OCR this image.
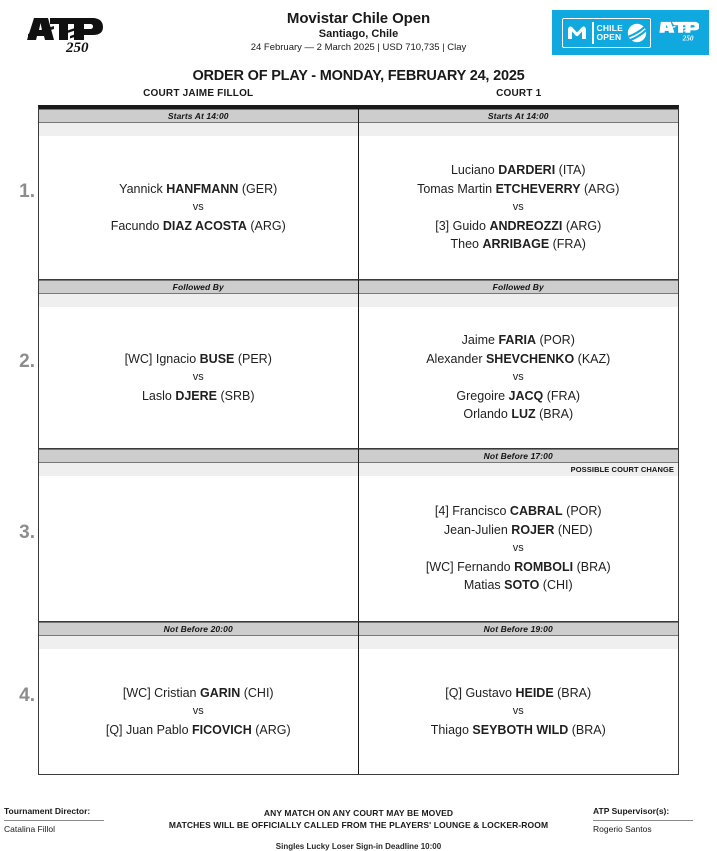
250
Movistar Chile Open
Santiago, Chile
24 February — 2 March 2025 | USD 710,735 | Clay
CHILE
OPEN	250
ORDER OF PLAY - MONDAY, FEBRUARY 24, 2025
COURT JAIME FILLOL	COURT 1
1.
Starts At 14:00

Yannick HANFMANN (GER)
vs
Facundo DIAZ ACOSTA (ARG)
Starts At 14:00

Luciano DARDERI (ITA)
Tomas Martin ETCHEVERRY (ARG)
vs
[3] Guido ANDREOZZI (ARG)
Theo ARRIBAGE (FRA)
2.
Followed By

[WC] Ignacio BUSE (PER)
vs
Laslo DJERE (SRB)
Followed By

Jaime FARIA (POR)
Alexander SHEVCHENKO (KAZ)
vs
Gregoire JACQ (FRA)
Orlando LUZ (BRA)
3.

Not Before 17:00
POSSIBLE COURT CHANGE
[4] Francisco CABRAL (POR)
Jean-Julien ROJER (NED)
vs
[WC] Fernando ROMBOLI (BRA)
Matias SOTO (CHI)
4.
Not Before 20:00

[WC] Cristian GARIN (CHI)
vs
[Q] Juan Pablo FICOVICH (ARG)
Not Before 19:00

[Q] Gustavo HEIDE (BRA)
vs
Thiago SEYBOTH WILD (BRA)
Tournament Director:
Catalina Fillol
ANY MATCH ON ANY COURT MAY BE MOVED
MATCHES WILL BE OFFICIALLY CALLED FROM THE PLAYERS' LOUNGE & LOCKER-ROOM
ATP Supervisor(s):
Rogerio Santos
Singles Lucky Loser Sign-in Deadline 10:00
